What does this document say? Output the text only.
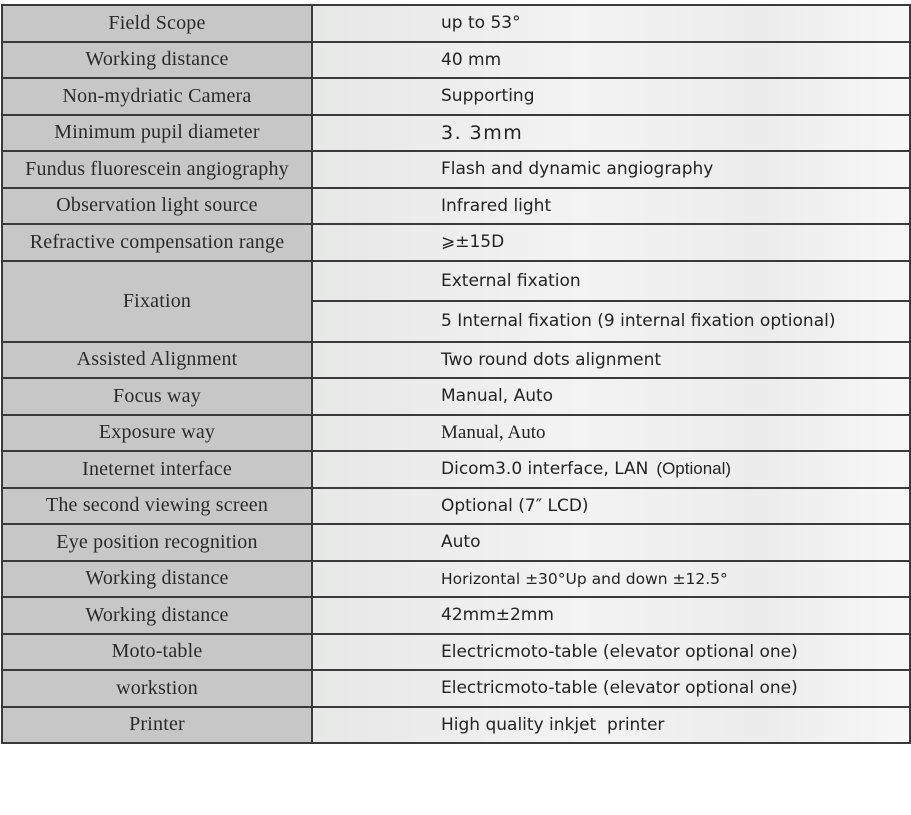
Field Scope	up to 53°
Working distance	40 mm
Non-mydriatic Camera	Supporting
Minimum pupil diameter	3. 3mm
Fundus fluorescein angiography	Flash and dynamic angiography
Observation light source	Infrared light
Refractive compensation range	⩾±15D
Fixation	External fixation
	5 Internal fixation (9 internal fixation optional)
Assisted Alignment	Two round dots alignment
Focus way	Manual, Auto
Exposure way	Manual, Auto
Ineternet interface	Dicom3.0 interface, LAN (Optional)
The second viewing screen	Optional (7″ LCD)
Eye position recognition	Auto
Working distance	Horizontal ±30°Up and down ±12.5°
Working distance	42mm±2mm
Moto-table	Electricmoto-table (elevator optional one)
workstion	Electricmoto-table (elevator optional one)
Printer	High quality inkjet  printer
